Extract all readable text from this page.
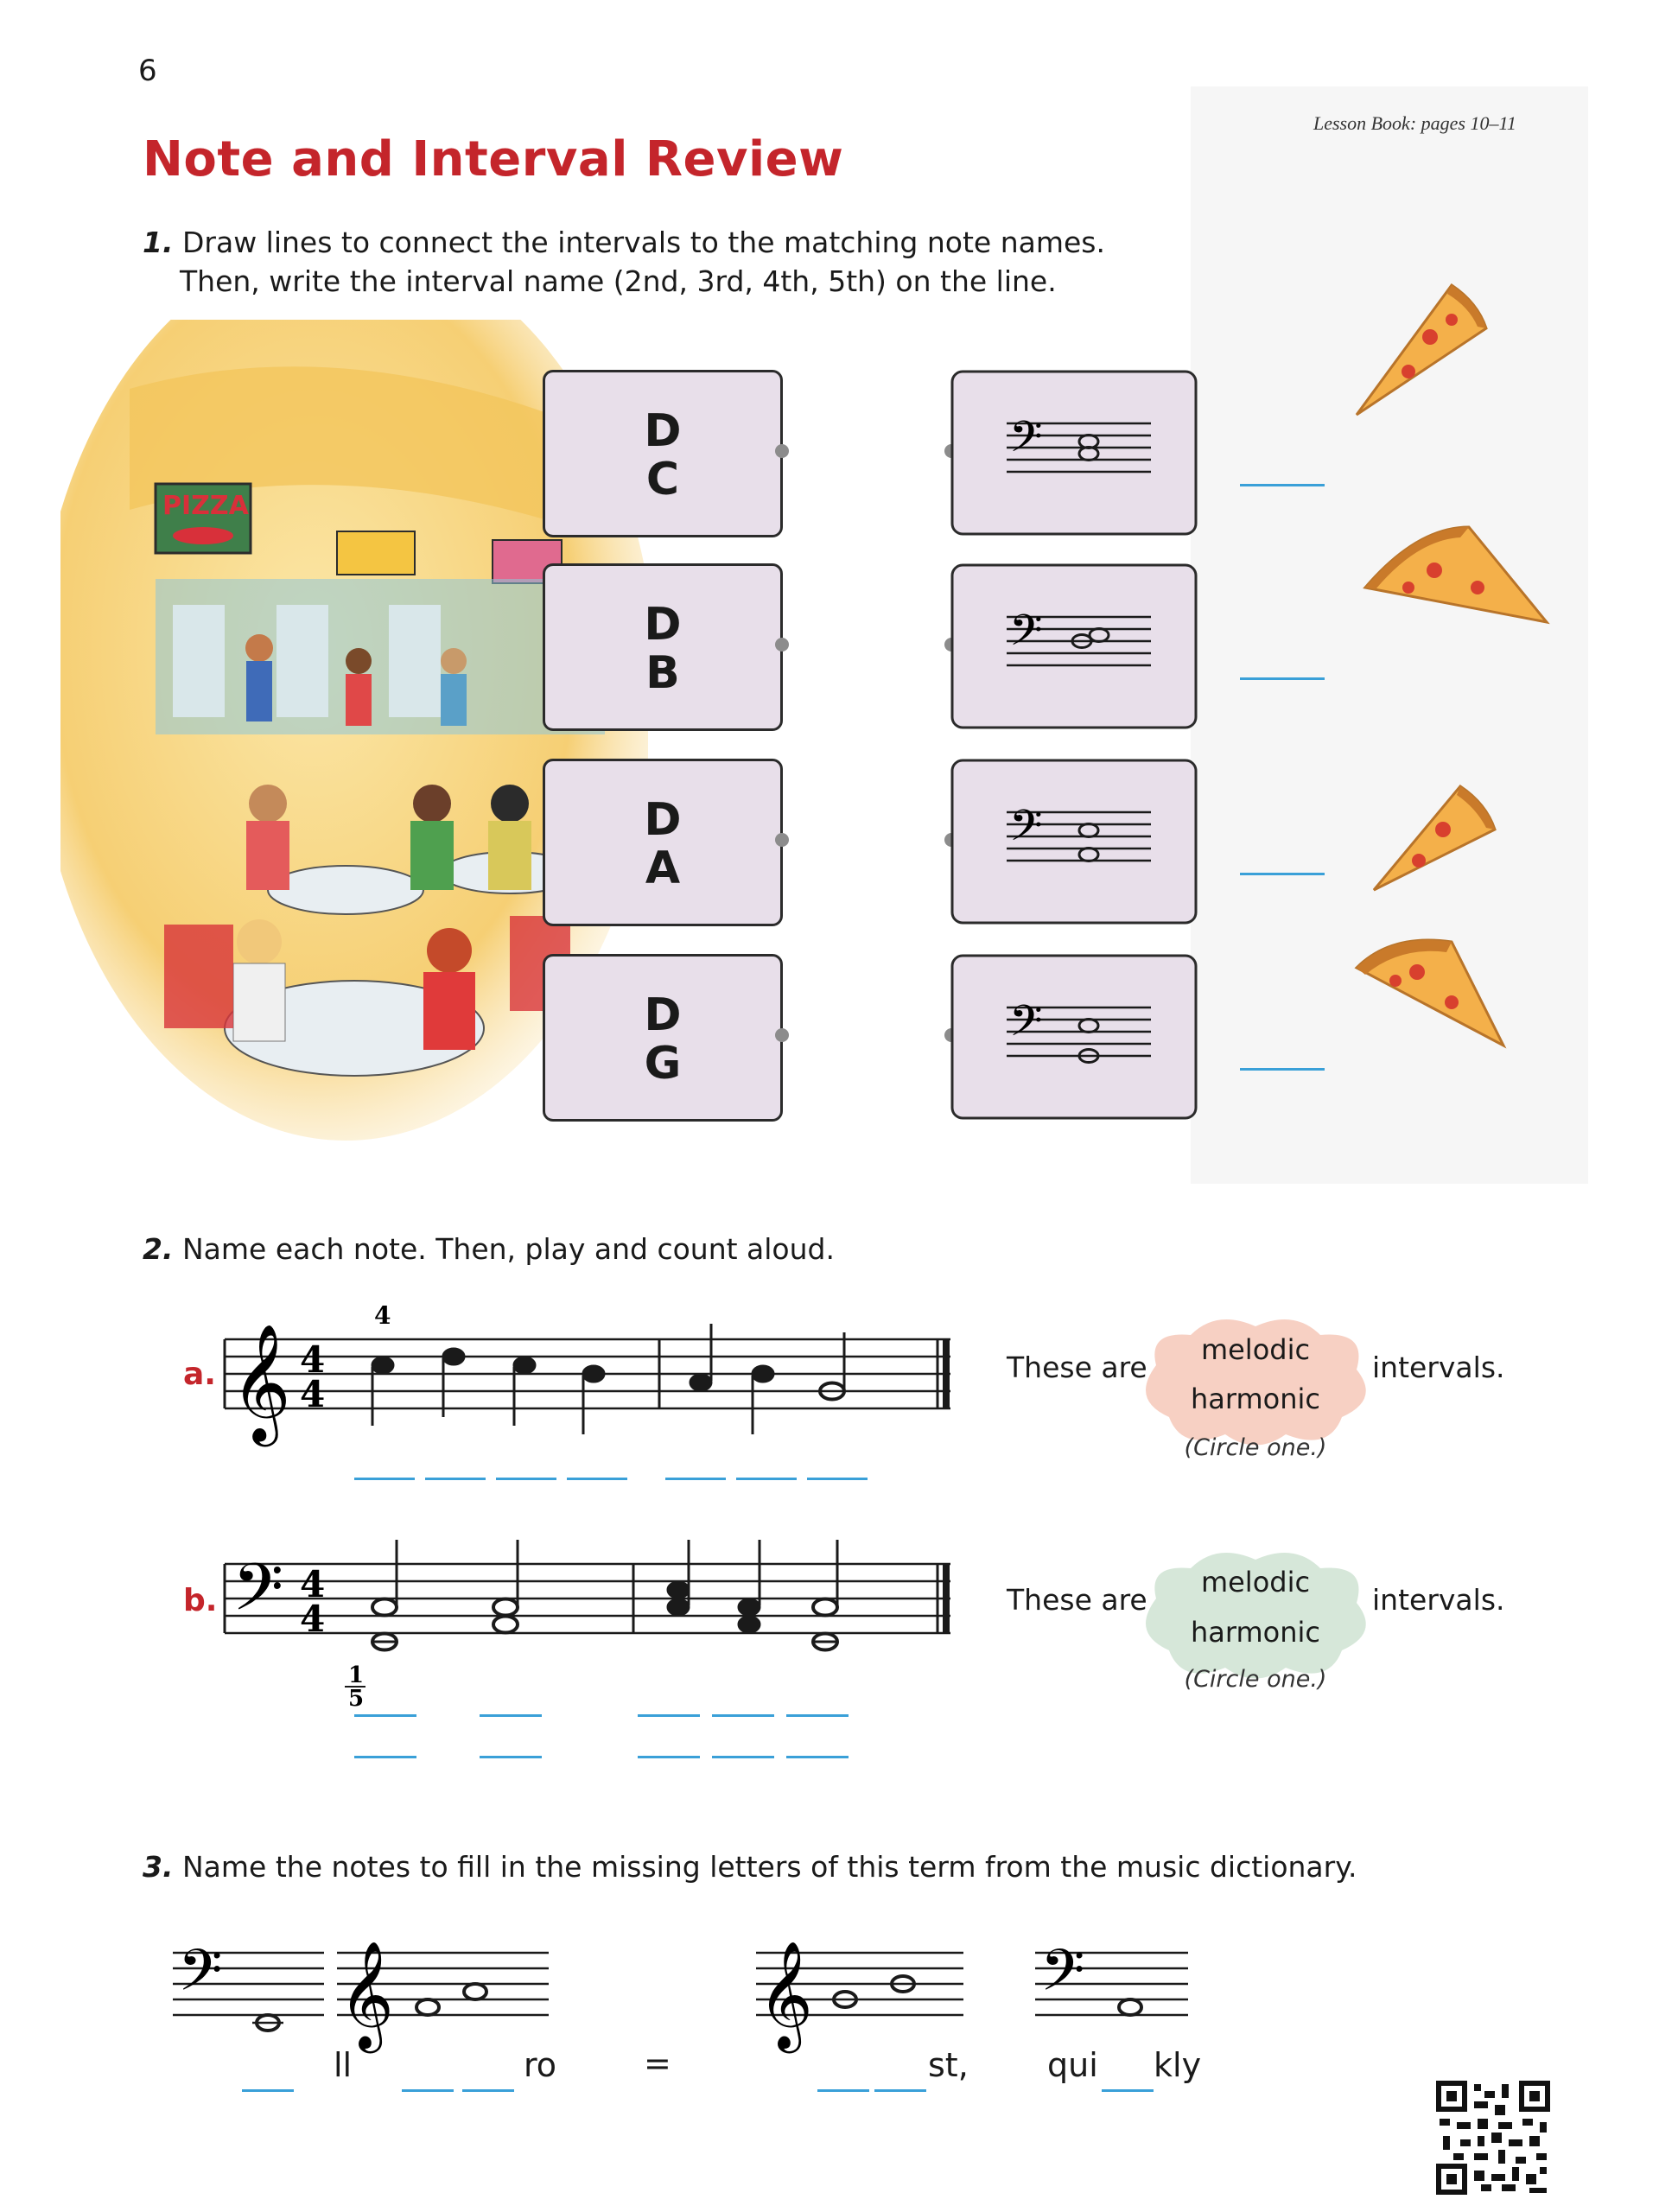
6
Lesson Book: pages 10–11
Note and Interval Review
1. Draw lines to connect the intervals to the matching note names.
Then, write the interval name (2nd, 3rd, 4th, 5th) on the line.
PIZZA
D
C
D
B
D
A
D
G
𝄢
𝄢
𝄢
𝄢
2. Name each note. Then, play and count aloud.
a. 𝄞 4
4
4
These are
melodic
harmonic
intervals.
(Circle one.)
b. 𝄢 4
4
1
5
These are
melodic
harmonic
intervals.
(Circle one.)
3. Name the notes to fill in the missing letters of this term from the music dictionary.
𝄢 𝄞	𝄞	𝄢
ll	ro	=	st, qui kly
